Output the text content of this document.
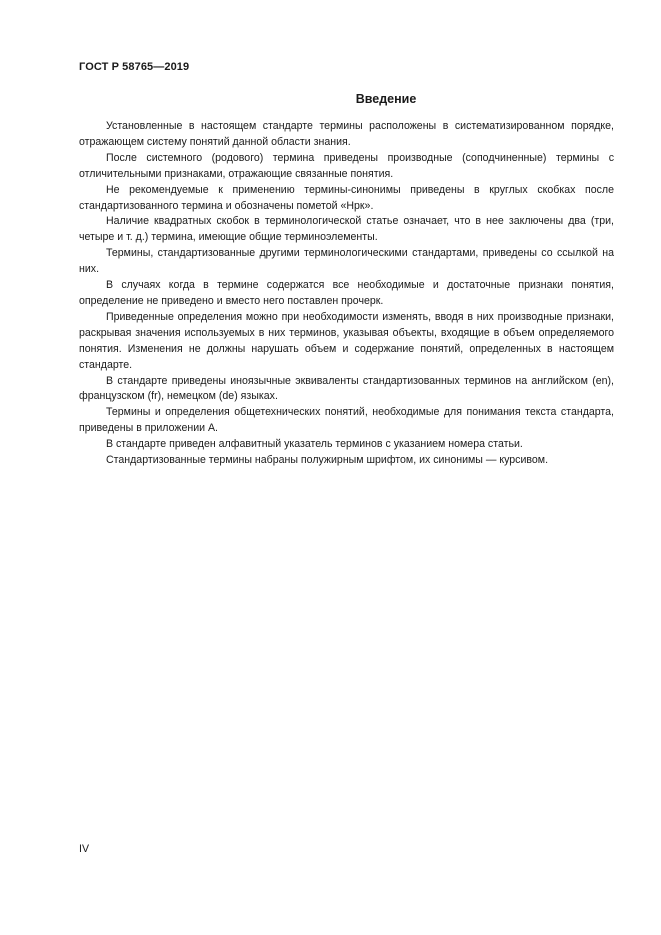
ГОСТ Р 58765—2019
Введение

Установленные в настоящем стандарте термины расположены в систематизированном порядке, отражающем систему понятий данной области знания.

После системного (родового) термина приведены производные (соподчиненные) термины с отличительными признаками, отражающие связанные понятия.

Не рекомендуемые к применению термины-синонимы приведены в круглых скобках после стандартизованного термина и обозначены пометой «Нрк».

Наличие квадратных скобок в терминологической статье означает, что в нее заключены два (три, четыре и т. д.) термина, имеющие общие терминоэлементы.

Термины, стандартизованные другими терминологическими стандартами, приведены со ссылкой на них.

В случаях когда в термине содержатся все необходимые и достаточные признаки понятия, определение не приведено и вместо него поставлен прочерк.

Приведенные определения можно при необходимости изменять, вводя в них производные признаки, раскрывая значения используемых в них терминов, указывая объекты, входящие в объем определяемого понятия. Изменения не должны нарушать объем и содержание понятий, определенных в настоящем стандарте.

В стандарте приведены иноязычные эквиваленты стандартизованных терминов на английском (en), французском (fr), немецком (de) языках.

Термины и определения общетехнических понятий, необходимые для понимания текста стандарта, приведены в приложении А.

В стандарте приведен алфавитный указатель терминов с указанием номера статьи.

Стандартизованные термины набраны полужирным шрифтом, их синонимы — курсивом.

IV
